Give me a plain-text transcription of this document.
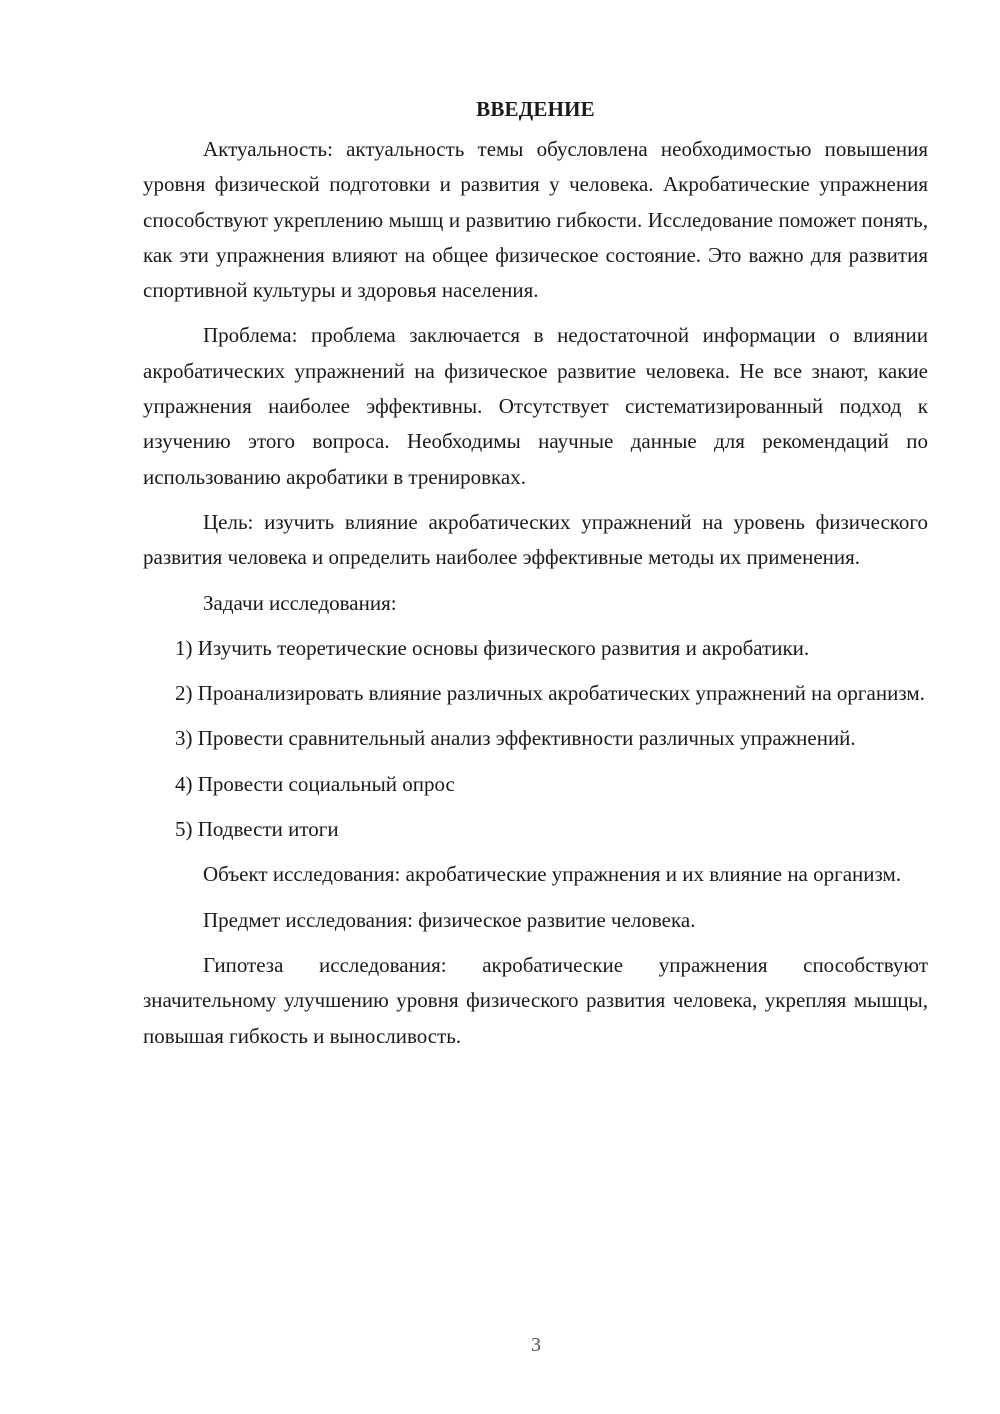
ВВЕДЕНИЕ

Актуальность: актуальность темы обусловлена необходимостью повышения уровня физической подготовки и развития у человека. Акробатические упражнения способствуют укреплению мышц и развитию гибкости. Исследование поможет понять, как эти упражнения влияют на общее физическое состояние. Это важно для развития спортивной культуры и здоровья населения.

Проблема: проблема заключается в недостаточной информации о влиянии акробатических упражнений на физическое развитие человека. Не все знают, какие упражнения наиболее эффективны. Отсутствует систематизированный подход к изучению этого вопроса. Необходимы научные данные для рекомендаций по использованию акробатики в тренировках.

Цель: изучить влияние акробатических упражнений на уровень физического развития человека и определить наиболее эффективные методы их применения.

Задачи исследования:

1) Изучить теоретические основы физического развития и акробатики.

2) Проанализировать влияние различных акробатических упражнений на организм.

3) Провести сравнительный анализ эффективности различных упражнений.

4) Провести социальный опрос

5) Подвести итоги

Объект исследования: акробатические упражнения и их влияние на организм.

Предмет исследования: физическое развитие человека.

Гипотеза исследования: акробатические упражнения способствуют значительному улучшению уровня физического развития человека, укрепляя мышцы, повышая гибкость и выносливость.

3
